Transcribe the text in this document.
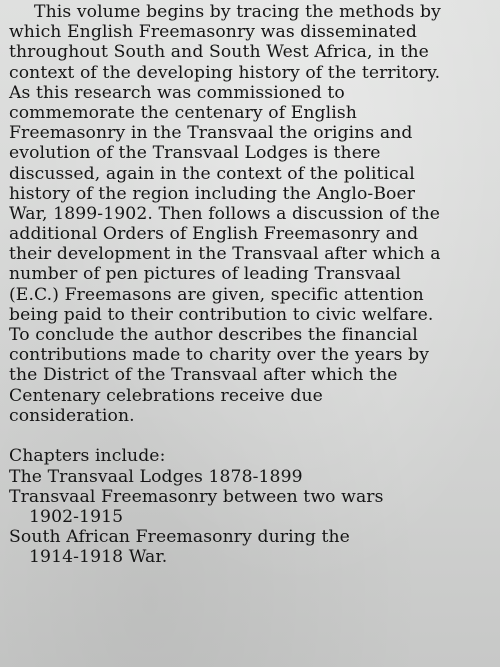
This volume begins by tracing the methods by
which English Freemasonry was disseminated
throughout South and South West Africa, in the
context of the developing history of the territory.
As this research was commissioned to
commemorate the centenary of English
Freemasonry in the Transvaal the origins and
evolution of the Transvaal Lodges is there
discussed, again in the context of the political
history of the region including the Anglo-Boer
War, 1899-1902. Then follows a discussion of the
additional Orders of English Freemasonry and
their development in the Transvaal after which a
number of pen pictures of leading Transvaal
(E.C.) Freemasons are given, specific attention
being paid to their contribution to civic welfare.
To conclude the author describes the financial
contributions made to charity over the years by
the District of the Transvaal after which the
Centenary celebrations receive due
consideration.
Chapters include:
The Transvaal Lodges 1878-1899
Transvaal Freemasonry between two wars
1902-1915
South African Freemasonry during the
1914-1918 War.
